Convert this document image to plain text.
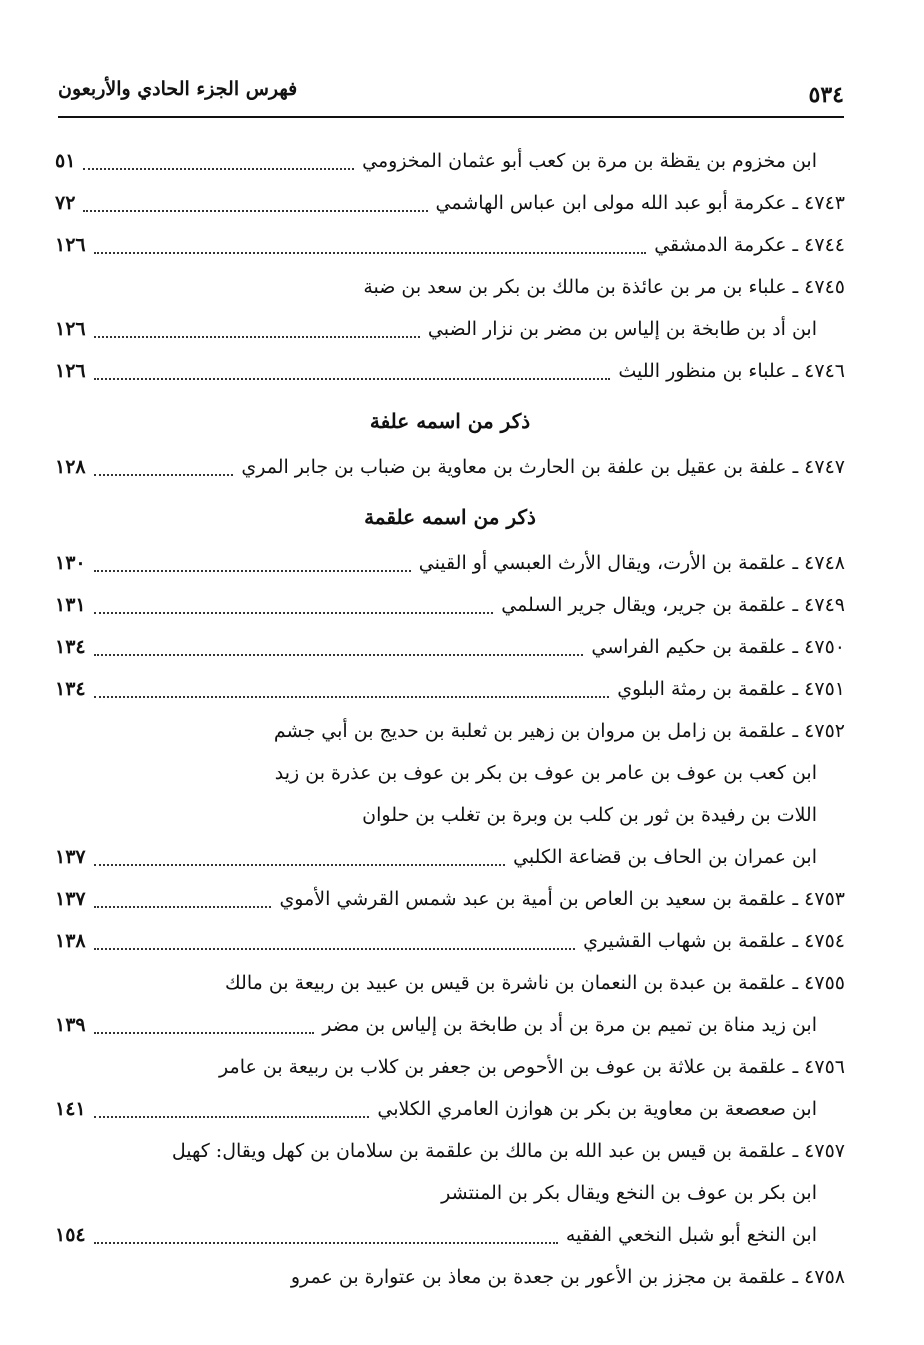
٥٣٤
فهرس الجزء الحادي والأربعون
ابن مخزوم بن يقظة بن مرة بن كعب أبو عثمان المخزومي
٥١
٤٧٤٣ ـ عكرمة أبو عبد الله مولى ابن عباس الهاشمي
٧٢
٤٧٤٤ ـ عكرمة الدمشقي
١٢٦
٤٧٤٥ ـ علباء بن مر بن عائذة بن مالك بن بكر بن سعد بن ضبة
ابن أد بن طابخة بن إلياس بن مضر بن نزار الضبي
١٢٦
٤٧٤٦ ـ علباء بن منظور الليث
١٢٦
ذكر من اسمه علفة
٤٧٤٧ ـ علفة بن عقيل بن علفة بن الحارث بن معاوية بن ضباب بن جابر المري
١٢٨
ذكر من اسمه علقمة
٤٧٤٨ ـ علقمة بن الأرت، ويقال الأرث العبسي أو القيني
١٣٠
٤٧٤٩ ـ علقمة بن جرير، ويقال جرير السلمي
١٣١
٤٧٥٠ ـ علقمة بن حكيم الفراسي
١٣٤
٤٧٥١ ـ علقمة بن رمثة البلوي
١٣٤
٤٧٥٢ ـ علقمة بن زامل بن مروان بن زهير بن ثعلبة بن حديج بن أبي جشم
ابن كعب بن عوف بن عامر بن عوف بن بكر بن عوف بن عذرة بن زيد
اللات بن رفيدة بن ثور بن كلب بن وبرة بن تغلب بن حلوان
ابن عمران بن الحاف بن قضاعة الكلبي
١٣٧
٤٧٥٣ ـ علقمة بن سعيد بن العاص بن أمية بن عبد شمس القرشي الأموي
١٣٧
٤٧٥٤ ـ علقمة بن شهاب القشيري
١٣٨
٤٧٥٥ ـ علقمة بن عبدة بن النعمان بن ناشرة بن قيس بن عبيد بن ربيعة بن مالك
ابن زيد مناة بن تميم بن مرة بن أد بن طابخة بن إلياس بن مضر
١٣٩
٤٧٥٦ ـ علقمة بن علاثة بن عوف بن الأحوص بن جعفر بن كلاب بن ربيعة بن عامر
ابن صعصعة بن معاوية بن بكر بن هوازن العامري الكلابي
١٤١
٤٧٥٧ ـ علقمة بن قيس بن عبد الله بن مالك بن علقمة بن سلامان بن كهل ويقال: كهيل
ابن بكر بن عوف بن النخع ويقال بكر بن المنتشر
ابن النخع أبو شبل النخعي الفقيه
١٥٤
٤٧٥٨ ـ علقمة بن مجزز بن الأعور بن جعدة بن معاذ بن عتوارة بن عمرو
